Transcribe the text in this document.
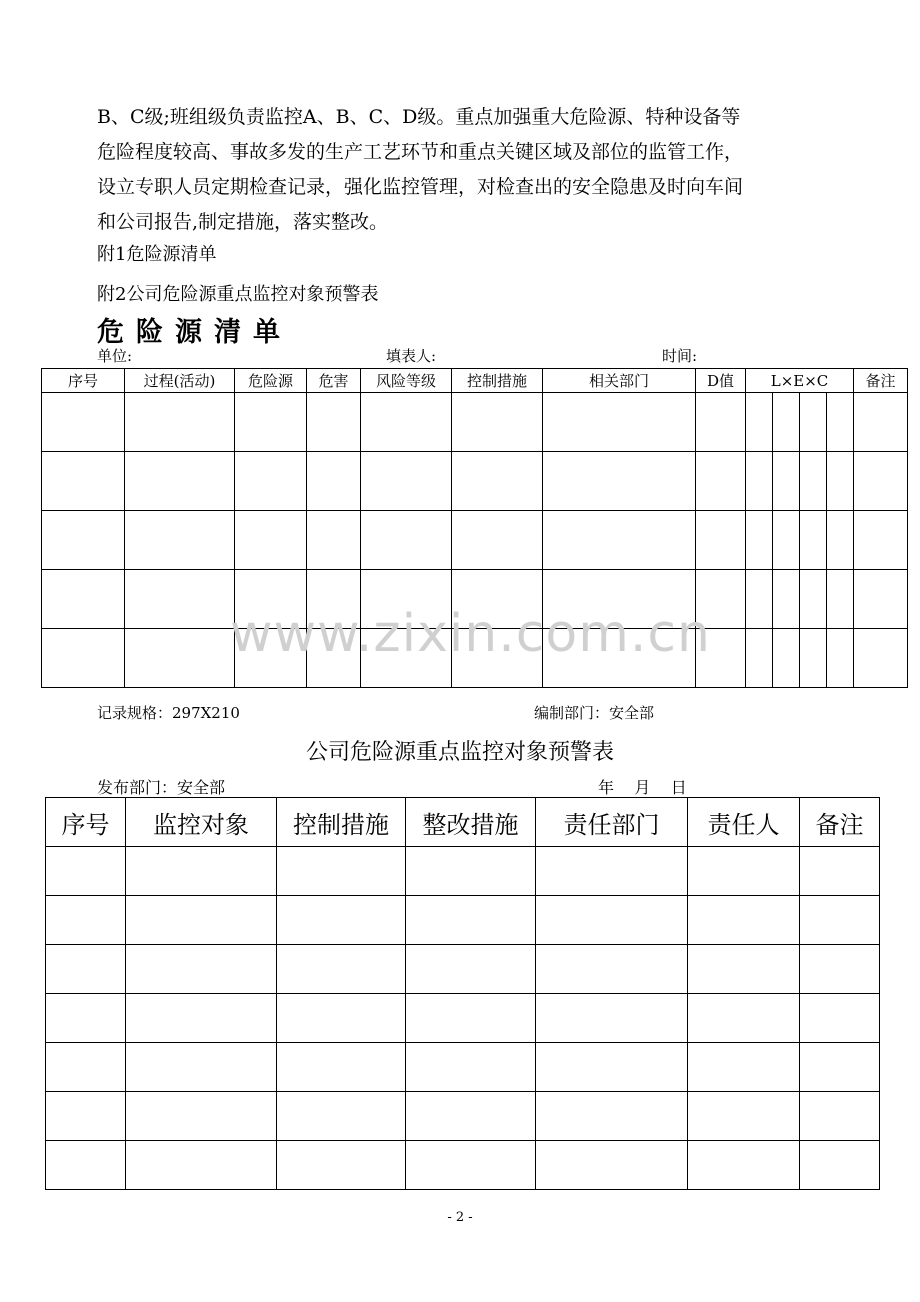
B、C级;班组级负责监控A、B、C、D级。重点加强重大危险源、特种设备等

危险程度较高、事故多发的生产工艺环节和重点关键区域及部位的监管工作，

设立专职人员定期检查记录，强化监控管理，对检查出的安全隐患及时向车间

和公司报告,制定措施，落实整改。

附1危险源清单
附2公司危险源重点监控对象预警表
危险源清单
单位:	填表人:	时间:
序号	过程(活动)	危险源	危害	风险等级	控制措施	相关部门	D值	L×E×C				备注

www.zixin.com.cn
记录规格：297X210	编制部门：安全部
公司危险源重点监控对象预警表
发布部门：安全部	年    月    日
序号	监控对象	控制措施	整改措施	责任部门	责任人	备注

- 2 -
